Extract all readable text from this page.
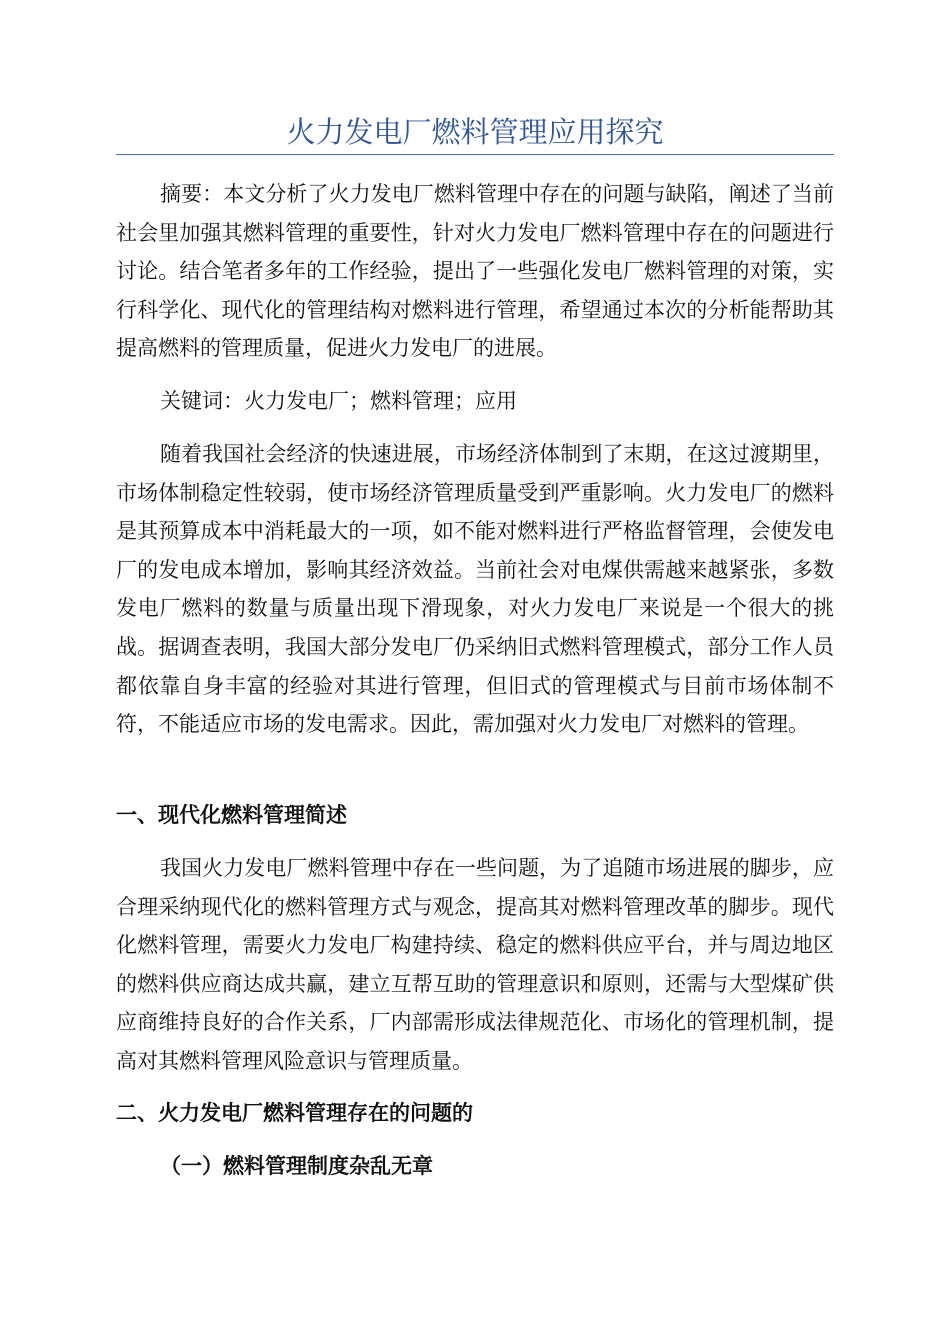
火力发电厂燃料管理应用探究

摘要：本文分析了火力发电厂燃料管理中存在的问题与缺陷，阐述了当前社会里加强其燃料管理的重要性，针对火力发电厂燃料管理中存在的问题进行讨论。结合笔者多年的工作经验，提出了一些强化发电厂燃料管理的对策，实行科学化、现代化的管理结构对燃料进行管理，希望通过本次的分析能帮助其提高燃料的管理质量，促进火力发电厂的进展。

关键词：火力发电厂；燃料管理；应用

随着我国社会经济的快速进展，市场经济体制到了末期，在这过渡期里，市场体制稳定性较弱，使市场经济管理质量受到严重影响。火力发电厂的燃料是其预算成本中消耗最大的一项，如不能对燃料进行严格监督管理，会使发电厂的发电成本增加，影响其经济效益。当前社会对电煤供需越来越紧张，多数发电厂燃料的数量与质量出现下滑现象，对火力发电厂来说是一个很大的挑战。据调查表明，我国大部分发电厂仍采纳旧式燃料管理模式，部分工作人员都依靠自身丰富的经验对其进行管理，但旧式的管理模式与目前市场体制不符，不能适应市场的发电需求。因此，需加强对火力发电厂对燃料的管理。

一、现代化燃料管理简述

我国火力发电厂燃料管理中存在一些问题，为了追随市场进展的脚步，应合理采纳现代化的燃料管理方式与观念，提高其对燃料管理改革的脚步。现代化燃料管理，需要火力发电厂构建持续、稳定的燃料供应平台，并与周边地区的燃料供应商达成共赢，建立互帮互助的管理意识和原则，还需与大型煤矿供应商维持良好的合作关系，厂内部需形成法律规范化、市场化的管理机制，提高对其燃料管理风险意识与管理质量。

二、火力发电厂燃料管理存在的问题的
（一）燃料管理制度杂乱无章
